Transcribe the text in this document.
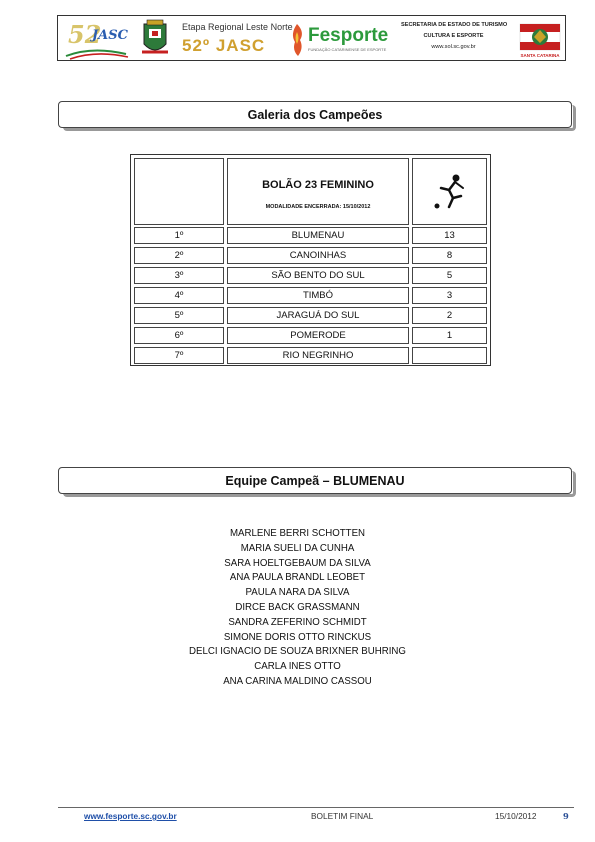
52
JASC
Etapa Regional Leste Norte
52º JASC Fesporte
FUNDAÇÃO CATARINENSE DE ESPORTE
SECRETARIA DE ESTADO DE TURISMO
CULTURA E ESPORTE
www.sol.sc.gov.br
SANTA CATARINA
Galeria dos Campeões
BOLÃO 23 FEMININO
MODALIDADE ENCERRADA: 15/10/2012
1º	BLUMENAU	13
2º	CANOINHAS	8
3º	SÃO BENTO DO SUL	5
4º	TIMBÓ	3
5º	JARAGUÁ DO SUL	2
6º	POMERODE	1
7º	RIO NEGRINHO
Equipe Campeã – BLUMENAU
MARLENE BERRI SCHOTTEN
MARIA SUELI DA CUNHA
SARA HOELTGEBAUM DA SILVA
ANA PAULA BRANDL LEOBET
PAULA NARA DA SILVA
DIRCE BACK GRASSMANN
SANDRA ZEFERINO SCHMIDT
SIMONE DORIS OTTO RINCKUS
DELCI IGNACIO DE SOUZA BRIXNER BUHRING
CARLA INES OTTO
ANA CARINA MALDINO CASSOU
www.fesporte.sc.gov.br	BOLETIM FINAL	15/10/2012	9
